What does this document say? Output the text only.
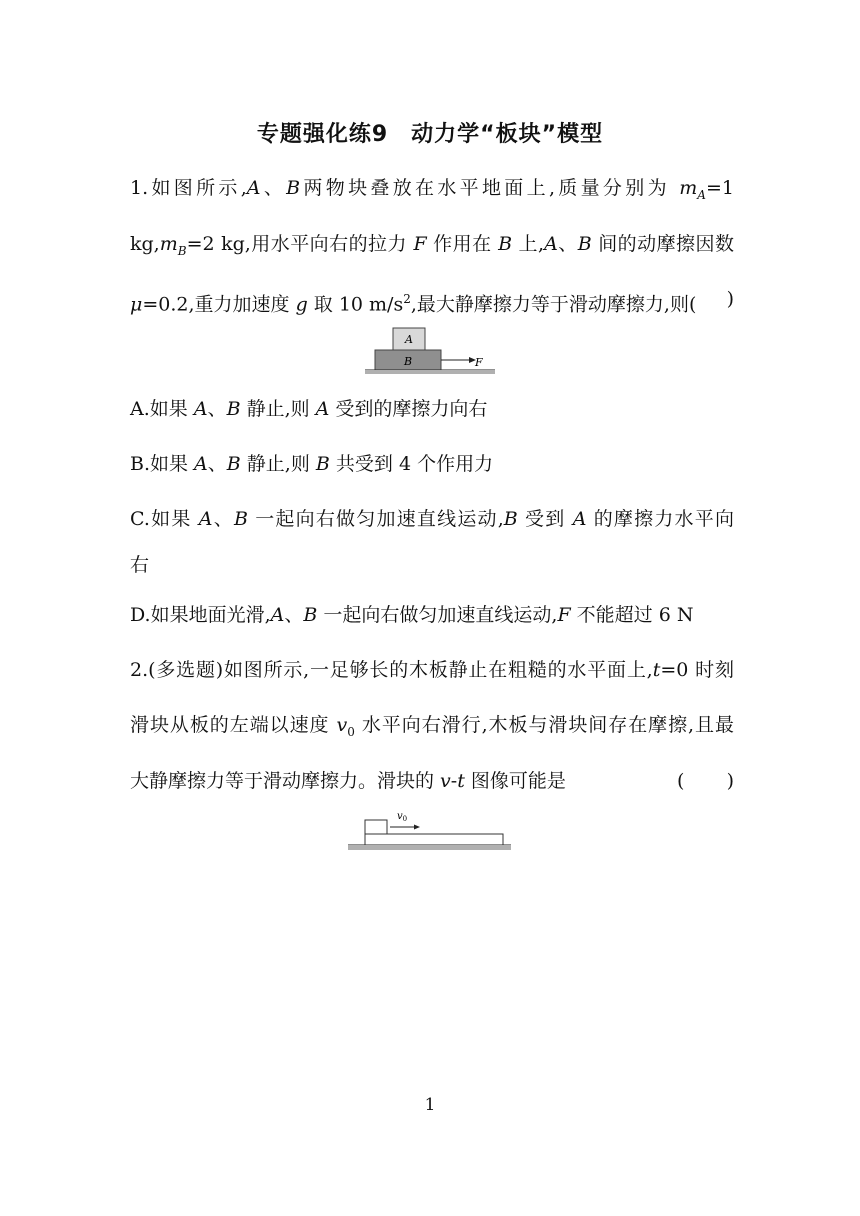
专题强化练9　动力学“板块”模型
1.如图所示,A、B两物块叠放在水平地面上,质量分别为 $m_A=1$
$kg,m_B=2$ kg,用水平向右的拉力 F 作用在 B 上,A、B 间的动摩擦因数
μ=0.2,重力加速度 g 取 10 $m/s^2$,最大静摩擦力等于滑动摩擦力,则( )
A
B	F
A.如果 A、B 静止,则 A 受到的摩擦力向右
B.如果 A、B 静止,则 B 共受到 4 个作用力
C.如果 A、B 一起向右做匀加速直线运动,B 受到 A 的摩擦力水平向
右
D.如果地面光滑,A、B 一起向右做匀加速直线运动,F 不能超过 6 N
2.(多选题)如图所示,一足够长的木板静止在粗糙的水平面上,t=0 时刻
滑块从板的左端以速度 $v_0$ 水平向右滑行,木板与滑块间存在摩擦,且最
大静摩擦力等于滑动摩擦力。滑块的 v-t 图像可能是	( )
$v_0$
1
